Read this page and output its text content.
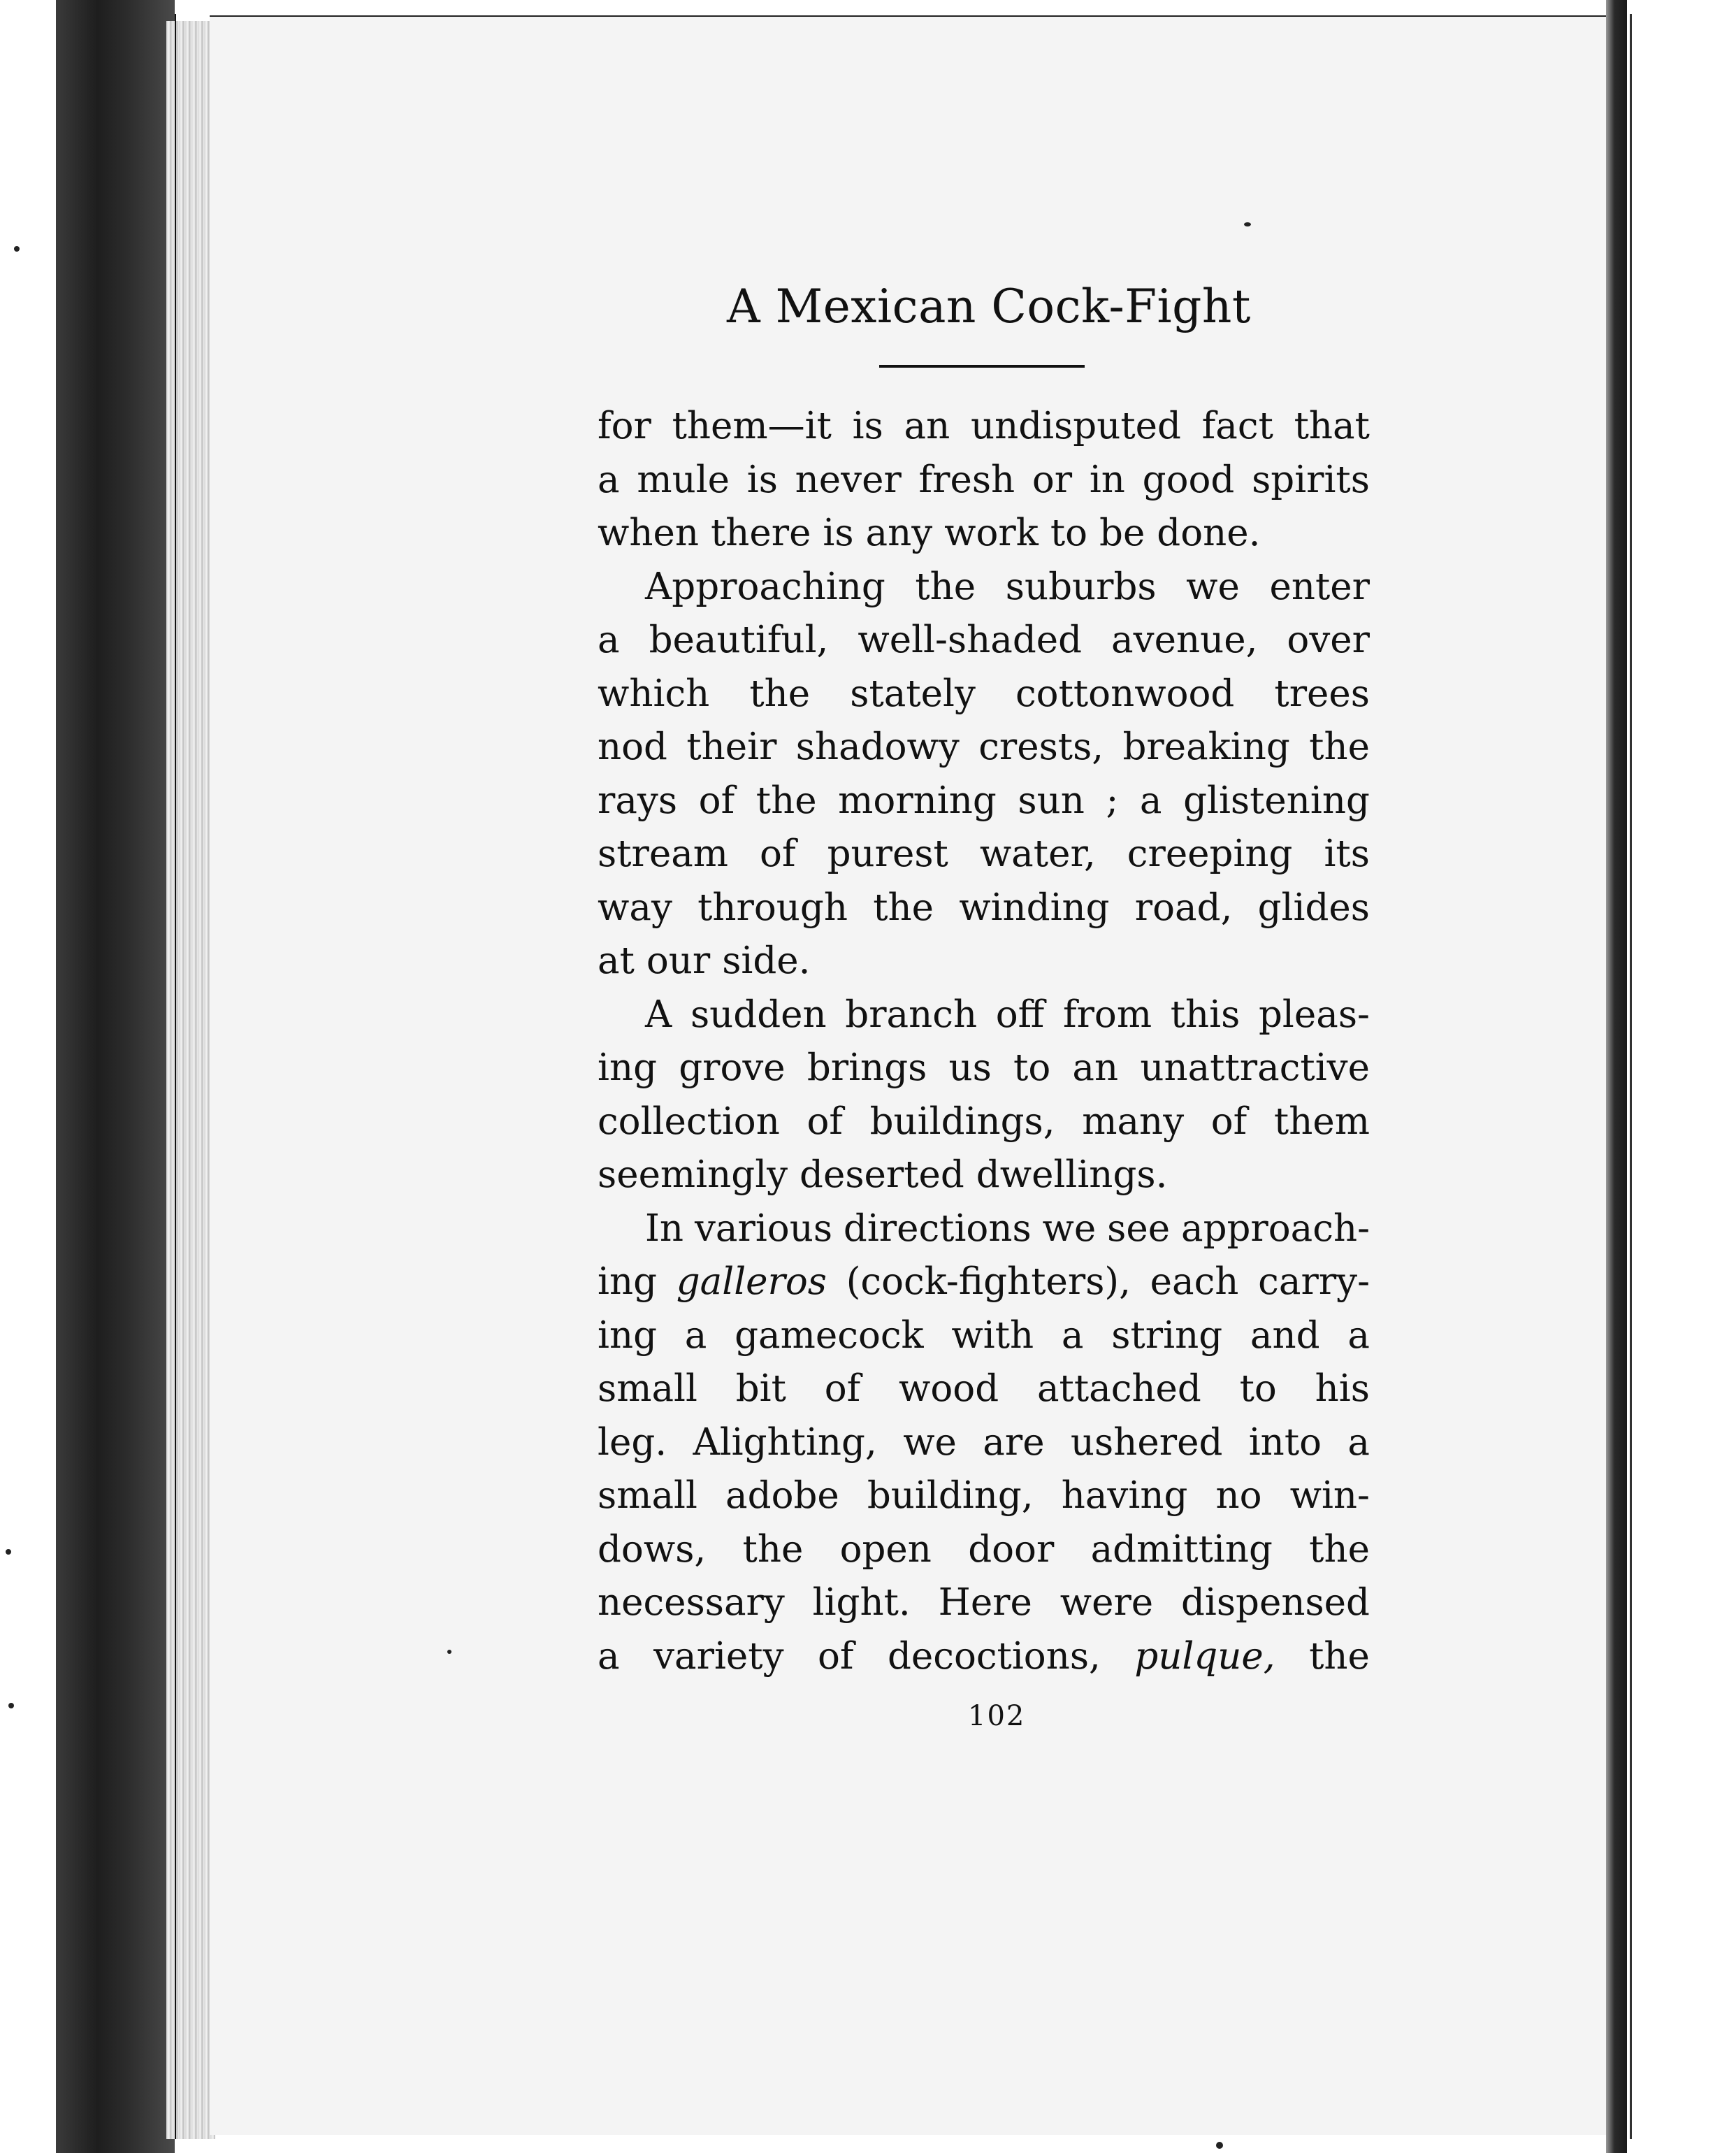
A Mexican Cock-Fight
for them—it is an undisputed fact that
a mule is never fresh or in good spirits
when there is any work to be done.
Approaching the suburbs we enter
a beautiful, well-shaded avenue, over
which the stately cottonwood trees
nod their shadowy crests, breaking the
rays of the morning sun ; a glistening
stream of purest water, creeping its
way through the winding road, glides
at our side.
A sudden branch off from this pleas-
ing grove brings us to an unattractive
collection of buildings, many of them
seemingly deserted dwellings.
In various directions we see approach-
ing galleros (cock-fighters), each carry-
ing a gamecock with a string and a
small bit of wood attached to his
leg. Alighting, we are ushered into a
small adobe building, having no win-
dows, the open door admitting the
necessary light. Here were dispensed
a variety of decoctions, pulque, the
102
